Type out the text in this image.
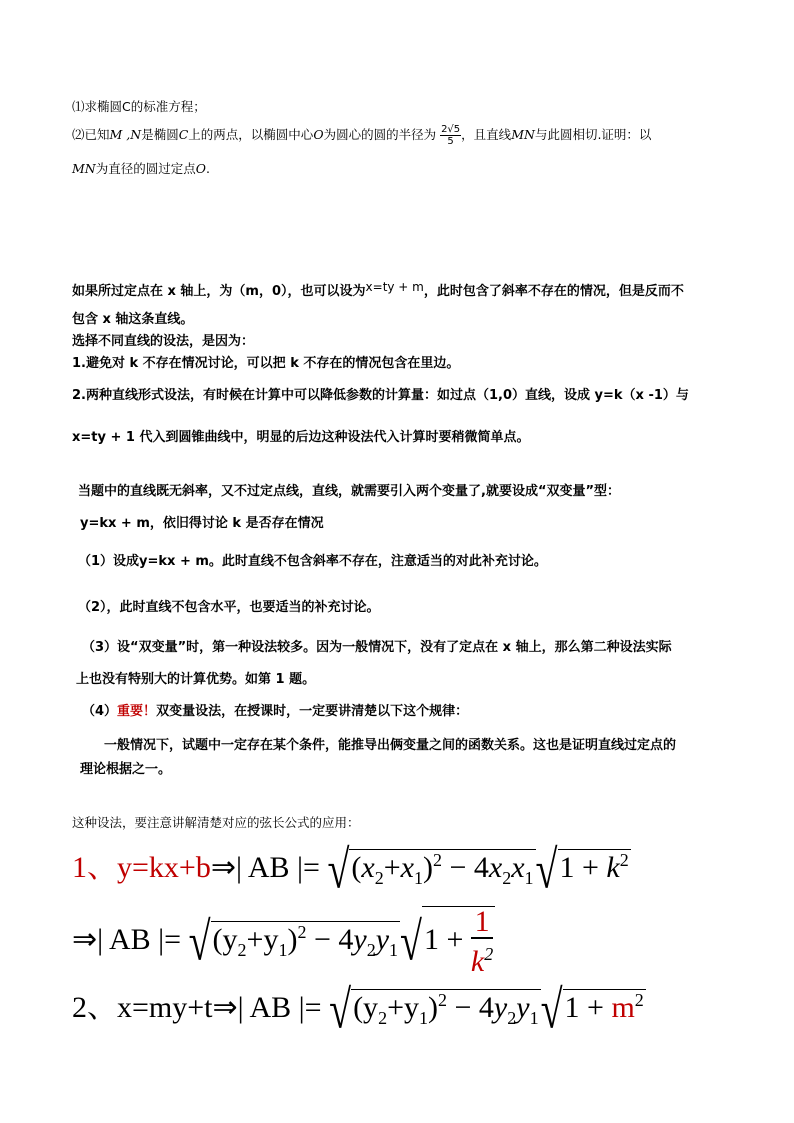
⑴求椭圆C的标准方程；
⑵已知M ,N是椭圆C上的两点，以椭圆中心O为圆心的圆的半径为 $\frac{2√5}{5}$ ，且直线MN与此圆相切.证明：以
MN为直径的圆过定点O.
如果所过定点在 x 轴上，为（m，0），也可以设为x=ty + m，此时包含了斜率不存在的情况，但是反而不
包含 x 轴这条直线。
选择不同直线的设法，是因为：
1.避免对 k 不存在情况讨论，可以把 k 不存在的情况包含在里边。
2.两种直线形式设法，有时候在计算中可以降低参数的计算量：如过点（1,0）直线，设成 y=k（x -1）与
x=ty + 1 代入到圆锥曲线中，明显的后边这种设法代入计算时要稍微简单点。
当题中的直线既无斜率，又不过定点线，直线，就需要引入两个变量了,就要设成“双变量”型：
y=kx + m，依旧得讨论 k 是否存在情况
（1）设成y=kx + m。此时直线不包含斜率不存在，注意适当的对此补充讨论。
（2），此时直线不包含水平，也要适当的补充讨论。
（3）设“双变量”时，第一种设法较多。因为一般情况下，没有了定点在 x 轴上，那么第二种设法实际
上也没有特别大的计算优势。如第 1 题。
（4）重要！双变量设法，在授课时，一定要讲清楚以下这个规律：
一般情况下，试题中一定存在某个条件，能推导出俩变量之间的函数关系。这也是证明直线过定点的
理论根据之一。
这种设法，要注意讲解清楚对应的弦长公式的应用：
1、y=kx+b⇒| AB |= $√(x_2+x_1)^2 - 4x_2x_1√1 + k^2$
⇒| AB |= $√(y_2+y_1)^2 - 4y_2y_1√1 + \frac{1}{k^2}$
2、x=my+t⇒| AB |= $√(y_2+y_1)^2 - 4y_2y_1√1 + m^2$
